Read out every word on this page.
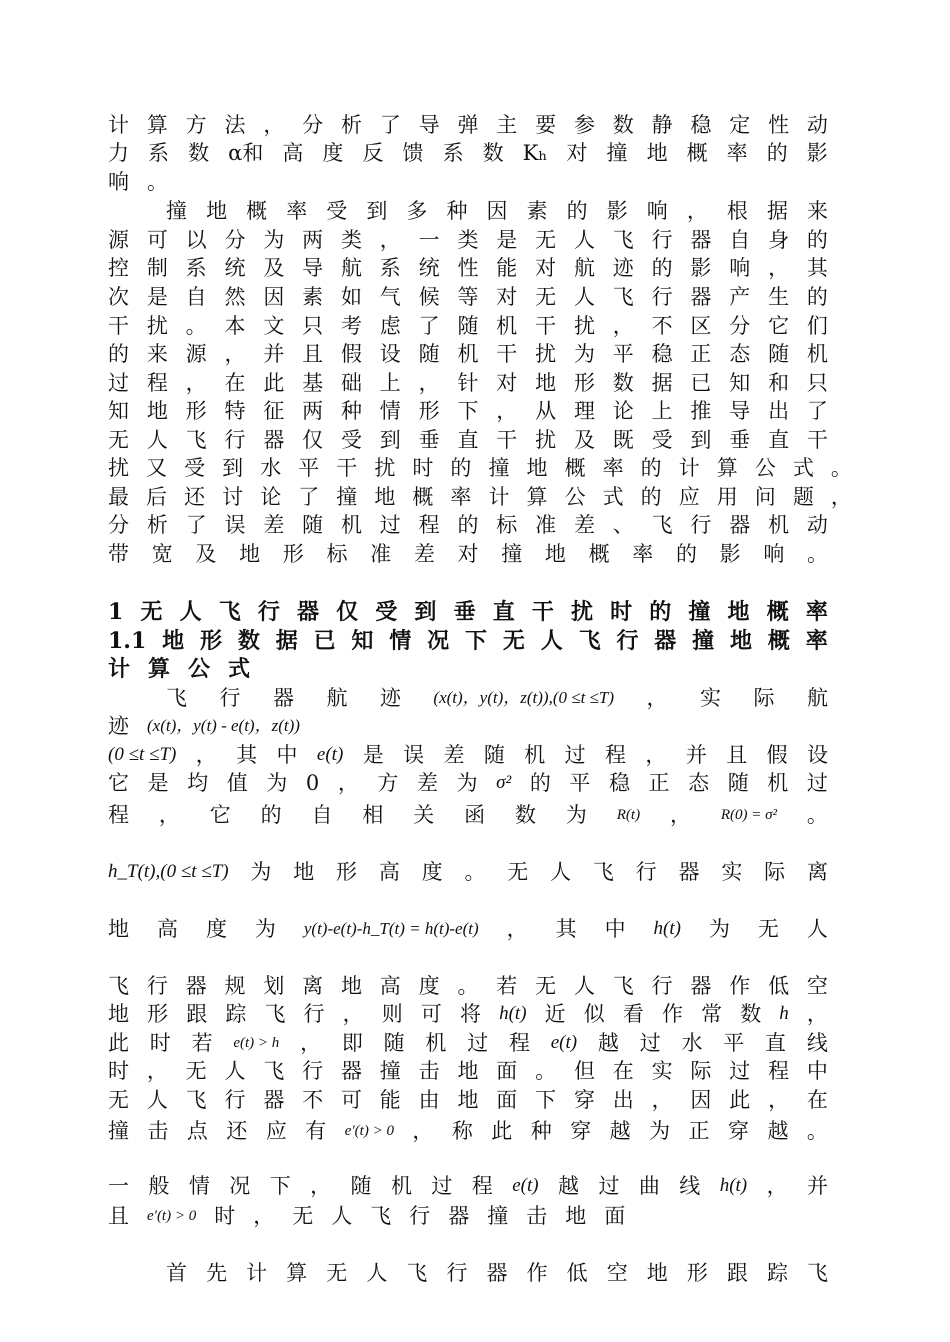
计 算 方 法 ， 分 析 了 导 弹 主 要 参 数 静 稳 定 性 动
力 系 数 α和 高 度 反 馈 系 数 Kₕ 对 撞 地 概 率 的 影
响 。
撞 地 概 率 受 到 多 种 因 素 的 影 响 ， 根 据 来
源 可 以 分 为 两 类 ， 一 类 是 无 人 飞 行 器 自 身 的
控 制 系 统 及 导 航 系 统 性 能 对 航 迹 的 影 响 ， 其
次 是 自 然 因 素 如 气 候 等 对 无 人 飞 行 器 产 生 的
干 扰 。 本 文 只 考 虑 了 随 机 干 扰 ， 不 区 分 它 们
的 来 源 ， 并 且 假 设 随 机 干 扰 为 平 稳 正 态 随 机
过 程 ， 在 此 基 础 上 ， 针 对 地 形 数 据 已 知 和 只
知 地 形 特 征 两 种 情 形 下 ， 从 理 论 上 推 导 出 了
无 人 飞 行 器 仅 受 到 垂 直 干 扰 及 既 受 到 垂 直 干
扰 又 受 到 水 平 干 扰 时 的 撞 地 概 率 的 计 算 公 式 。
最 后 还 讨 论 了 撞 地 概 率 计 算 公 式 的 应 用 问 题 ，
分 析 了 误 差 随 机 过 程 的 标 准 差 、 飞 行 器 机 动
带 宽 及 地 形 标 准 差 对 撞 地 概 率 的 影 响 。
1 无 人 飞 行 器 仅 受 到 垂 直 干 扰 时 的 撞 地 概 率
1.1 地 形 数 据 已 知 情 况 下 无 人 飞 行 器 撞 地 概 率
计 算 公 式
飞 行 器 航 迹 (x(t)，y(t)，z(t)),(0 ≤t ≤T) ， 实 际 航
迹 (x(t)，y(t) - e(t)，z(t))
(0 ≤t ≤T) ， 其 中 e(t) 是 误 差 随 机 过 程 ， 并 且 假 设
它 是 均 值 为 0 ， 方 差 为 σ² 的 平 稳 正 态 随 机 过
程 ， 它 的 自 相 关 函 数 为 R(t) ， R(0) = σ² 。
h_T(t),(0 ≤t ≤T) 为 地 形 高 度 。 无 人 飞 行 器 实 际 离
地 高 度 为 y(t)-e(t)-h_T(t) = h(t)-e(t) ， 其 中 h(t) 为 无 人
飞 行 器 规 划 离 地 高 度 。 若 无 人 飞 行 器 作 低 空
地 形 跟 踪 飞 行 ， 则 可 将 h(t) 近 似 看 作 常 数 h ，
此 时 若 e(t) > h ， 即 随 机 过 程 e(t) 越 过 水 平 直 线
时 ， 无 人 飞 行 器 撞 击 地 面 。 但 在 实 际 过 程 中
无 人 飞 行 器 不 可 能 由 地 面 下 穿 出 ， 因 此 ， 在
撞 击 点 还 应 有 e′(t) > 0 ， 称 此 种 穿 越 为 正 穿 越 。
一 般 情 况 下 ， 随 机 过 程 e(t) 越 过 曲 线 h(t) ， 并
且 e′(t) > 0 时 ， 无 人 飞 行 器 撞 击 地 面
首 先 计 算 无 人 飞 行 器 作 低 空 地 形 跟 踪 飞
